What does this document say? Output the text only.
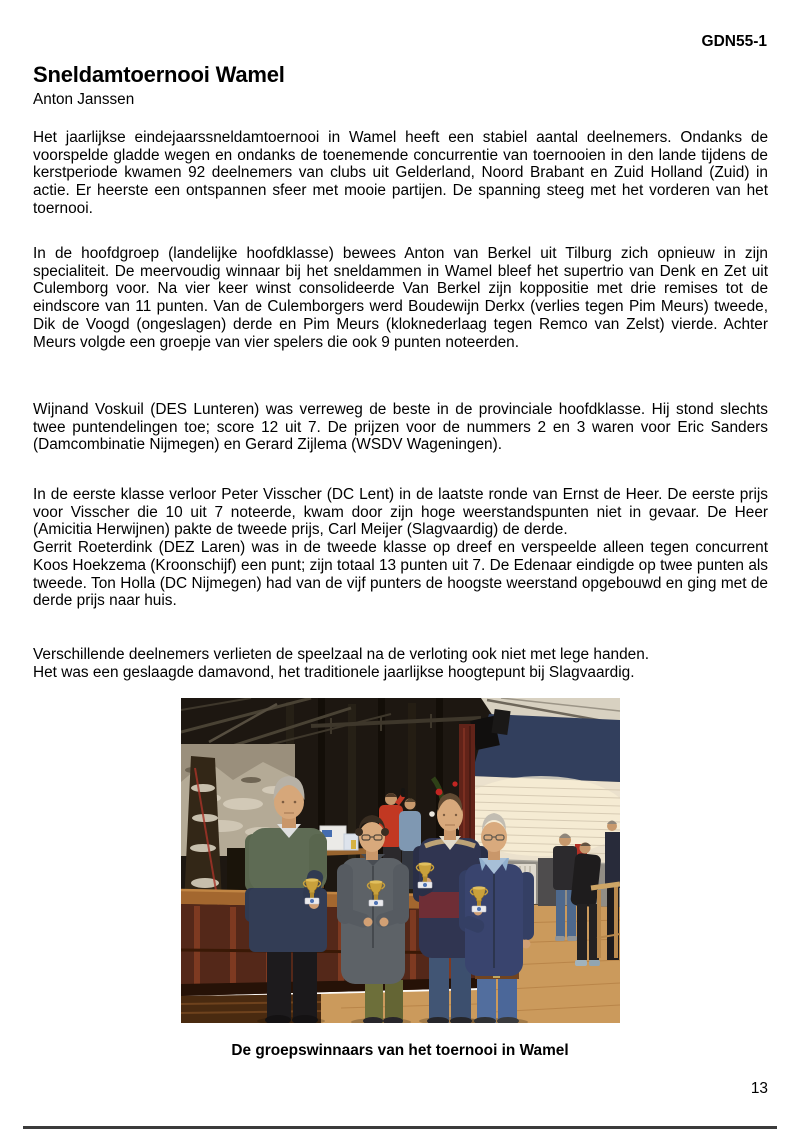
GDN55-1
Sneldamtoernooi Wamel
Anton Janssen

Het jaarlijkse eindejaarssneldamtoernooi in Wamel heeft een stabiel aantal deelnemers. Ondanks de voorspelde gladde wegen en ondanks de toenemende concurrentie van toernooien in den lande tijdens de kerstperiode kwamen 92 deelnemers van clubs uit Gelderland, Noord Brabant en Zuid Holland (Zuid) in actie. Er heerste een ontspannen sfeer met mooie partijen. De spanning steeg met het vorderen van het toernooi.

In de hoofdgroep (landelijke hoofdklasse) bewees Anton van Berkel uit Tilburg zich opnieuw in zijn specialiteit. De meervoudig winnaar bij het sneldammen in Wamel bleef het supertrio van Denk en Zet uit Culemborg voor. Na vier keer winst consolideerde Van Berkel zijn koppositie met drie remises tot de eindscore van 11 punten. Van de Culemborgers werd Boudewijn Derkx (verlies tegen Pim Meurs) tweede, Dik de Voogd (ongeslagen) derde en Pim Meurs (kloknederlaag tegen Remco van Zelst) vierde. Achter Meurs volgde een groepje van vier spelers die ook 9 punten noteerden.

Wijnand Voskuil (DES Lunteren) was verreweg de beste in de provinciale hoofdklasse. Hij stond slechts twee puntendelingen toe; score 12 uit 7. De prijzen voor de nummers 2 en 3 waren voor Eric Sanders (Damcombinatie Nijmegen) en Gerard Zijlema (WSDV Wageningen).

In de eerste klasse verloor Peter Visscher (DC Lent) in de laatste ronde van Ernst de Heer. De eerste prijs voor Visscher die 10 uit 7 noteerde, kwam door zijn hoge weerstandspunten niet in gevaar. De Heer (Amicitia Herwijnen) pakte de tweede prijs, Carl Meijer (Slagvaardig) de derde.

Gerrit Roeterdink (DEZ Laren) was in de tweede klasse op dreef en verspeelde alleen tegen concurrent Koos Hoekzema (Kroonschijf) een punt; zijn totaal 13 punten uit 7. De Edenaar eindigde op twee punten als tweede. Ton Holla (DC Nijmegen) had van de vijf punters de hoogste weerstand opgebouwd en ging met de derde prijs naar huis.

Verschillende deelnemers verlieten de speelzaal na de verloting ook niet met lege handen.

Het was een geslaagde damavond, het traditionele jaarlijkse hoogtepunt bij Slagvaardig.

De groepswinnaars van het toernooi in Wamel
13
